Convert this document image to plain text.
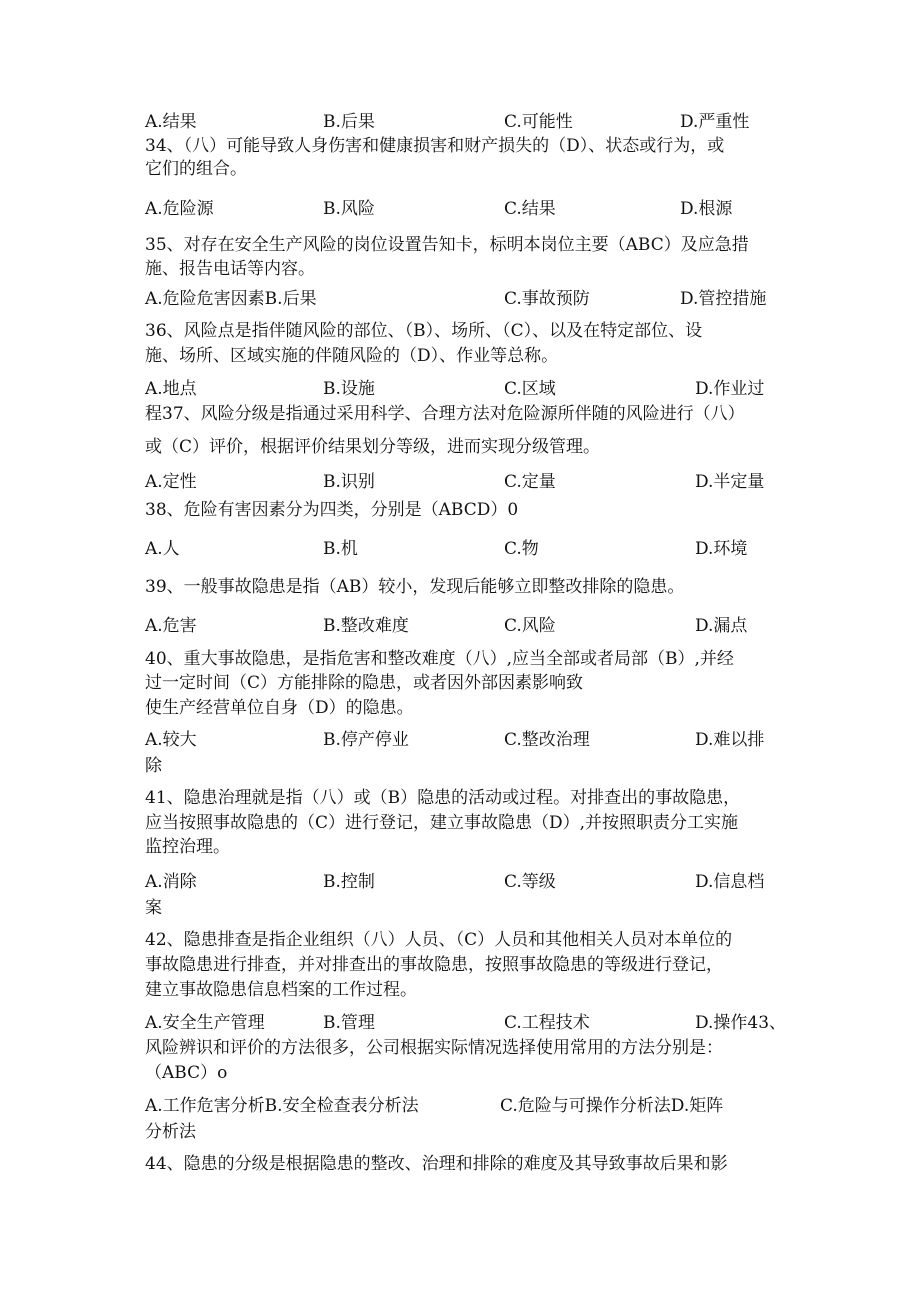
A.结果	B.后果	C.可能性	D.严重性
34、（八）可能导致人身伤害和健康损害和财产损失的（D）、状态或行为，或
它们的组合。
A.危险源	B.风险	C.结果	D.根源
35、对存在安全生产风险的岗位设置告知卡，标明本岗位主要（ABC）及应急措
施、报告电话等内容。
A.危险危害因素B.后果	C.事故预防	D.管控措施
36、风险点是指伴随风险的部位、（B）、场所、（C）、以及在特定部位、设
施、场所、区域实施的伴随风险的（D）、作业等总称。
A.地点	B.设施	C.区域	D.作业过
程37、风险分级是指通过采用科学、合理方法对危险源所伴随的风险进行（八）
或（C）评价，根据评价结果划分等级，进而实现分级管理。
A.定性	B.识别	C.定量	D.半定量
38、危险有害因素分为四类，分别是（ABCD）0
A.人	B.机	C.物	D.环境
39、一般事故隐患是指（AB）较小，发现后能够立即整改排除的隐患。
A.危害	B.整改难度	C.风险	D.漏点
40、重大事故隐患，是指危害和整改难度（八）,应当全部或者局部（B）,并经
过一定时间（C）方能排除的隐患，或者因外部因素影响致
使生产经营单位自身（D）的隐患。
A.较大	B.停产停业	C.整改治理	D.难以排
除
41、隐患治理就是指（八）或（B）隐患的活动或过程。对排查出的事故隐患，
应当按照事故隐患的（C）进行登记，建立事故隐患（D）,并按照职责分工实施
监控治理。
A.消除	B.控制	C.等级	D.信息档
案
42、隐患排查是指企业组织（八）人员、（C）人员和其他相关人员对本单位的
事故隐患进行排查，并对排查出的事故隐患，按照事故隐患的等级进行登记，
建立事故隐患信息档案的工作过程。
A.安全生产管理	B.管理	C.工程技术	D.操作43、
风险辨识和评价的方法很多，公司根据实际情况选择使用常用的方法分别是：
（ABC）o
A.工作危害分析B.安全检查表分析法	C.危险与可操作分析法D.矩阵
分析法
44、隐患的分级是根据隐患的整改、治理和排除的难度及其导致事故后果和影
